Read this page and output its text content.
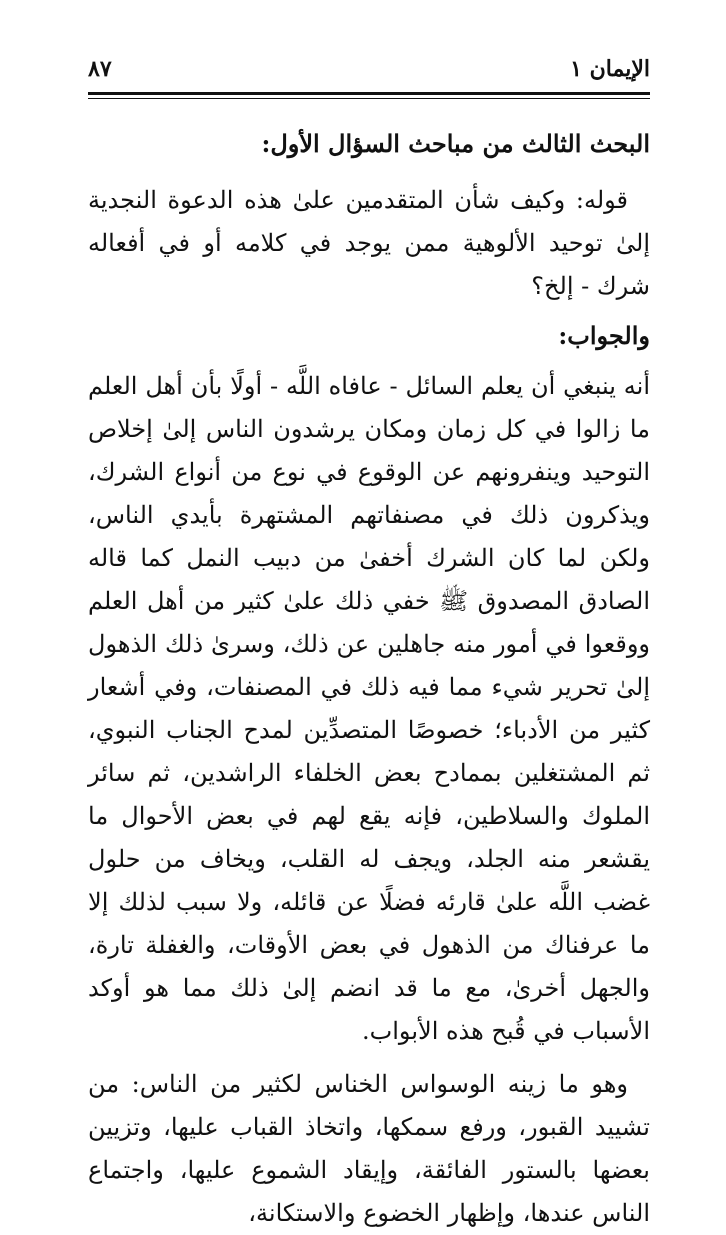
الإيمان ١
٨٧

البحث الثالث من مباحث السؤال الأول:

قوله: وكيف شأن المتقدمين علىٰ هذه الدعوة النجدية إلىٰ توحيد الألوهية ممن يوجد في كلامه أو في أفعاله شرك - إلخ؟

والجواب:

أنه ينبغي أن يعلم السائل - عافاه اللَّه - أولًا بأن أهل العلم ما زالوا في كل زمان ومكان يرشدون الناس إلىٰ إخلاص التوحيد وينفرونهم عن الوقوع في نوع من أنواع الشرك، ويذكرون ذلك في مصنفاتهم المشتهرة بأيدي الناس، ولكن لما كان الشرك أخفىٰ من دبيب النمل كما قاله الصادق المصدوق ﷺ خفي ذلك علىٰ كثير من أهل العلم ووقعوا في أمور منه جاهلين عن ذلك، وسرىٰ ذلك الذهول إلىٰ تحرير شيء مما فيه ذلك في المصنفات، وفي أشعار كثير من الأدباء؛ خصوصًا المتصدِّين لمدح الجناب النبوي، ثم المشتغلين بممادح بعض الخلفاء الراشدين، ثم سائر الملوك والسلاطين، فإنه يقع لهم في بعض الأحوال ما يقشعر منه الجلد، ويجف له القلب، ويخاف من حلول غضب اللَّه علىٰ قارئه فضلًا عن قائله، ولا سبب لذلك إلا ما عرفناك من الذهول في بعض الأوقات، والغفلة تارة، والجهل أخرىٰ، مع ما قد انضم إلىٰ ذلك مما هو أوكد الأسباب في قُبح هذه الأبواب.

وهو ما زينه الوسواس الخناس لكثير من الناس: من تشييد القبور، ورفع سمكها، واتخاذ القباب عليها، وتزيين بعضها بالستور الفائقة، وإيقاد الشموع عليها، واجتماع الناس عندها، وإظهار الخضوع والاستكانة،
